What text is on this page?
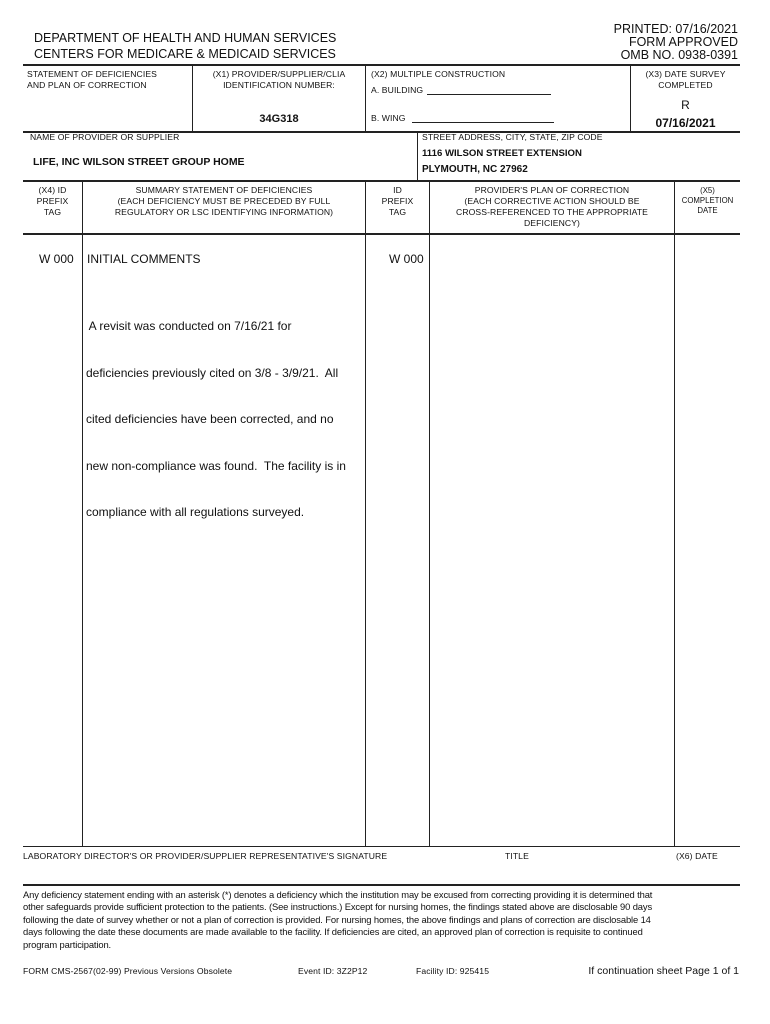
DEPARTMENT OF HEALTH AND HUMAN SERVICES
CENTERS FOR MEDICARE & MEDICAID SERVICES
PRINTED: 07/16/2021
FORM APPROVED
OMB NO. 0938-0391
STATEMENT OF DEFICIENCIES
AND PLAN OF CORRECTION
(X1) PROVIDER/SUPPLIER/CLIA
IDENTIFICATION NUMBER:
34G318
(X2) MULTIPLE CONSTRUCTION
A. BUILDING
B. WING
(X3) DATE SURVEY
COMPLETED
R
07/16/2021
NAME OF PROVIDER OR SUPPLIER
LIFE, INC WILSON STREET GROUP HOME
STREET ADDRESS, CITY, STATE, ZIP CODE
1116 WILSON STREET EXTENSION
PLYMOUTH, NC 27962
(X4) ID
PREFIX
TAG
SUMMARY STATEMENT OF DEFICIENCIES
(EACH DEFICIENCY MUST BE PRECEDED BY FULL
REGULATORY OR LSC IDENTIFYING INFORMATION)
ID
PREFIX
TAG
PROVIDER'S PLAN OF CORRECTION
(EACH CORRECTIVE ACTION SHOULD BE
CROSS-REFERENCED TO THE APPROPRIATE
DEFICIENCY)
(X5)
COMPLETION
DATE
W 000 INITIAL COMMENTS	W 000

A revisit was conducted on 7/16/21 for

deficiencies previously cited on 3/8 - 3/9/21.  All

cited deficiencies have been corrected, and no

new non-compliance was found.  The facility is in

compliance with all regulations surveyed.

LABORATORY DIRECTOR'S OR PROVIDER/SUPPLIER REPRESENTATIVE'S SIGNATURE	TITLE	(X6) DATE
Any deficiency statement ending with an asterisk (*) denotes a deficiency which the institution may be excused from correcting providing it is determined that
other safeguards provide sufficient protection to the patients. (See instructions.) Except for nursing homes, the findings stated above are disclosable 90 days
following the date of survey whether or not a plan of correction is provided. For nursing homes, the above findings and plans of correction are disclosable 14
days following the date these documents are made available to the facility. If deficiencies are cited, an approved plan of correction is requisite to continued
program participation.
FORM CMS-2567(02-99) Previous Versions Obsolete	Event ID: 3Z2P12	Facility ID: 925415	If continuation sheet Page 1 of 1
